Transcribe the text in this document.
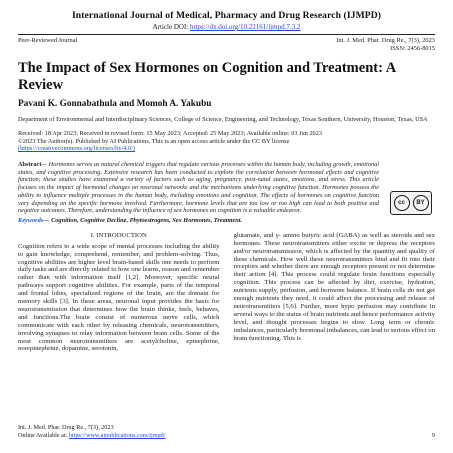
International Journal of Medical, Pharmacy and Drug Research (IJMPD)
Article DOI: https://dx.doi.org/10.22161/ijmpd.7.3.2
Peer-Reviewed Journal	Int. J. Med. Phar. Drug Re., 7(3), 2023
ISSN: 2456-8015
The Impact of Sex Hormones on Cognition and Treatment: A Review
Pavani K. Gonnabathula and Momoh A. Yakubu
Department of Environmental and Interdisciplinary Sciences, College of Science, Engineering, and Technology, Texas Southern, University, Houston, Texas, USA
Received: 18 Apr 2023; Received in revised form: 15 May 2023; Accepted: 25 May 2023; Available online: 03 Jun 2023
©2023 The Author(s). Published by AI Publications. This is an open access article under the CC BY license
(https://creativecommons.org/licenses/by/4.0/)
Abstract— Hormones serves as natural chemical triggers that regulate various processes within the human body, including growth, emotional states, and cognitive processing. Extensive research has been conducted to explore the correlation between hormonal effects and cognitive function; these studies have examined a variety of factors such as aging, pregnancy, post-natal states, emotions, and stress. This article focuses on the impact of hormonal changes on neuronal networks and the mechanisms underlying cognitive function. Hormones possess the ability to influence multiple processes in the human body, including emotions and cognition. The effects of hormones on cognitive function vary depending on the specific hormone involved. Furthermore, hormone levels that are too low or too high can lead to both positive and negative outcomes. Therefore, understanding the influence of sex hormones on cognition is a valuable endeavor.
cc	BY
Keywords— Cognition, Cognitive Decline, Phytoestrogens, Sex Hormones, Treatment.
I. INTRODUCTION
Cognition refers to a wide scope of mental processes including the ability to gain knowledge, comprehend, remember, and problem-solving. Thus, cognitive abilities are higher level brain-based skills one needs to perform daily tasks and are directly related to how one learns, reason and remember rather than with information itself [1,2]. Moreover, specific neural pathways support cognitive abilities. For example, parts of the temporal and frontal lobes, specialized regions of the brain, are the domain for memory skills [3]. In these areas, neuronal input provides the basis for neurotransmission that determines how the brain thinks, feels, behaves, and functions.The brain consist of numerous nerve cells, which communicate with each other by releasing chemicals, neurotransmitters, involving synapses to relay information between brain cells. Some of the most common neurotransmitters are acetylcholine, epinephrine, norepinephrine, dopamine, serotonin,
glutamate, and γ- amino butyric acid (GABA) as well as steroids and sex hormones. These neurotransmitters either excite or depress the receptors and/or neurotransmission, which is affected by the quantity and quality of these chemicals. How well these neurotransmitters bind and fit into their receptors and whether there are enough receptors present or not determine their action [4]. This process could regulate brain functions especially cognition. This process can be affected by diet, exercise, hydration, nutrients supply, perfusion, and hormone balance. If brain cells do not get enough nutrients they need, it could affect the processing and release of neurotransmitters [5,6]. Further, more hypo perfusion may contribute in several ways to the status of brain nutrients and hence performance activity level, and thought processes begins to slow. Long term or chronic imbalances, particularly hormonal imbalances, can lead to serious effect on brain functioning. This is
Int. J. Med. Phar. Drug Re., 7(3), 2023
Online Available at: https://www.aipublications.com/ijmpd/	9
